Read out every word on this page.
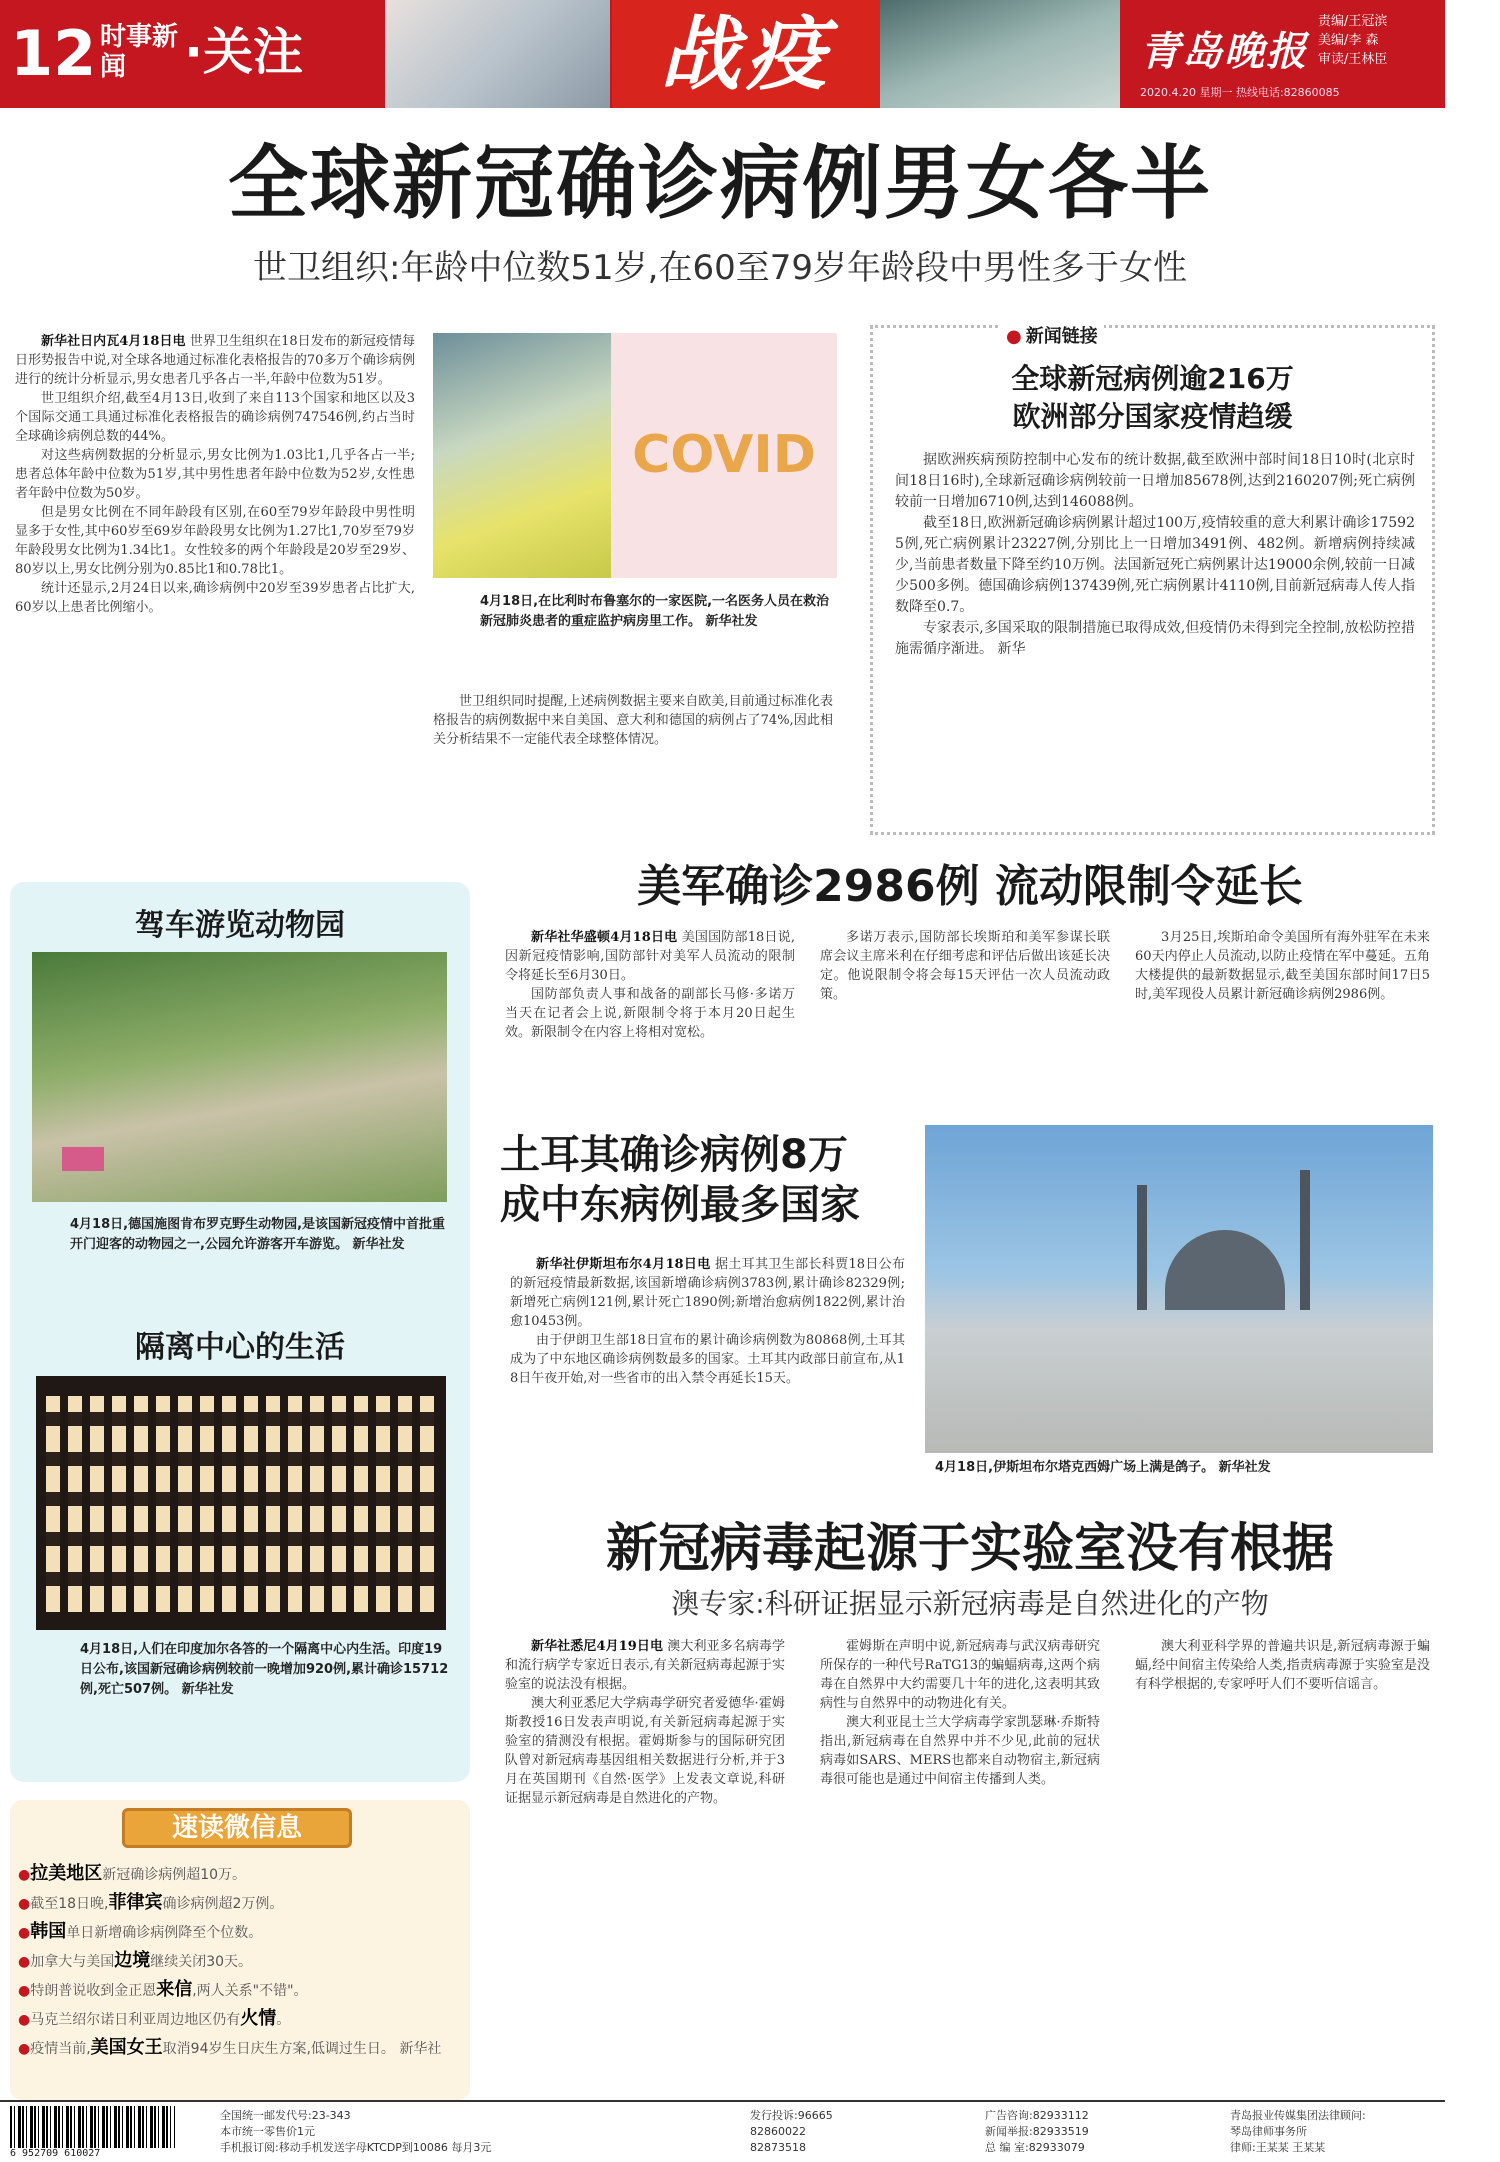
12 时事新闻	·关注	战疫	青岛晚报
责编/王冠滨
美编/李 森
审读/王林臣
2020.4.20 星期一 热线电话:82860085
全球新冠确诊病例男女各半
世卫组织:年龄中位数51岁,在60至79岁年龄段中男性多于女性

新华社日内瓦4月18日电 世界卫生组织在18日发布的新冠疫情每日形势报告中说,对全球各地通过标准化表格报告的70多万个确诊病例进行的统计分析显示,男女患者几乎各占一半,年龄中位数为51岁。

世卫组织介绍,截至4月13日,收到了来自113个国家和地区以及3个国际交通工具通过标准化表格报告的确诊病例747546例,约占当时全球确诊病例总数的44%。

对这些病例数据的分析显示,男女比例为1.03比1,几乎各占一半;患者总体年龄中位数为51岁,其中男性患者年龄中位数为52岁,女性患者年龄中位数为50岁。

但是男女比例在不同年龄段有区别,在60至79岁年龄段中男性明显多于女性,其中60岁至69岁年龄段男女比例为1.27比1,70岁至79岁年龄段男女比例为1.34比1。女性较多的两个年龄段是20岁至29岁、80岁以上,男女比例分别为0.85比1和0.78比1。

统计还显示,2月24日以来,确诊病例中20岁至39岁患者占比扩大,60岁以上患者比例缩小。

COVID
4月18日,在比利时布鲁塞尔的一家医院,一名医务人员在救治新冠肺炎患者的重症监护病房里工作。 新华社发

世卫组织同时提醒,上述病例数据主要来自欧美,目前通过标准化表格报告的病例数据中来自美国、意大利和德国的病例占了74%,因此相关分析结果不一定能代表全球整体情况。

● 新闻链接
全球新冠病例逾216万
欧洲部分国家疫情趋缓

据欧洲疾病预防控制中心发布的统计数据,截至欧洲中部时间18日10时(北京时间18日16时),全球新冠确诊病例较前一日增加85678例,达到2160207例;死亡病例较前一日增加6710例,达到146088例。

截至18日,欧洲新冠确诊病例累计超过100万,疫情较重的意大利累计确诊175925例,死亡病例累计23227例,分别比上一日增加3491例、482例。新增病例持续减少,当前患者数量下降至约10万例。法国新冠死亡病例累计达19000余例,较前一日减少500多例。德国确诊病例137439例,死亡病例累计4110例,目前新冠病毒人传人指数降至0.7。

专家表示,多国采取的限制措施已取得成效,但疫情仍未得到完全控制,放松防控措施需循序渐进。 新华

驾车游览动物园
4月18日,德国施图肯布罗克野生动物园,是该国新冠疫情中首批重开门迎客的动物园之一,公园允许游客开车游览。 新华社发
隔离中心的生活
4月18日,人们在印度加尔各答的一个隔离中心内生活。印度19日公布,该国新冠确诊病例较前一晚增加920例,累计确诊15712例,死亡507例。 新华社发
速读微信息
●拉美地区新冠确诊病例超10万。
●截至18日晚,菲律宾确诊病例超2万例。
●韩国单日新增确诊病例降至个位数。
●加拿大与美国边境继续关闭30天。
●特朗普说收到金正恩来信,两人关系"不错"。
●马克兰绍尔诺日利亚周边地区仍有火情。
●疫情当前,美国女王取消94岁生日庆生方案,低调过生日。 新华社
美军确诊2986例 流动限制令延长

新华社华盛顿4月18日电 美国国防部18日说,因新冠疫情影响,国防部针对美军人员流动的限制令将延长至6月30日。

国防部负责人事和战备的副部长马修·多诺万当天在记者会上说,新限制令将于本月20日起生效。新限制令在内容上将相对宽松。

多诺万表示,国防部长埃斯珀和美军参谋长联席会议主席米利在仔细考虑和评估后做出该延长决定。他说限制令将会每15天评估一次人员流动政策。

3月25日,埃斯珀命令美国所有海外驻军在未来60天内停止人员流动,以防止疫情在军中蔓延。五角大楼提供的最新数据显示,截至美国东部时间17日5时,美军现役人员累计新冠确诊病例2986例。

土耳其确诊病例8万
成中东病例最多国家

新华社伊斯坦布尔4月18日电 据土耳其卫生部长科贾18日公布的新冠疫情最新数据,该国新增确诊病例3783例,累计确诊82329例;新增死亡病例121例,累计死亡1890例;新增治愈病例1822例,累计治愈10453例。

由于伊朗卫生部18日宣布的累计确诊病例数为80868例,土耳其成为了中东地区确诊病例数最多的国家。土耳其内政部日前宣布,从18日午夜开始,对一些省市的出入禁令再延长15天。

4月18日,伊斯坦布尔塔克西姆广场上满是鸽子。 新华社发
新冠病毒起源于实验室没有根据
澳专家:科研证据显示新冠病毒是自然进化的产物

新华社悉尼4月19日电 澳大利亚多名病毒学和流行病学专家近日表示,有关新冠病毒起源于实验室的说法没有根据。

澳大利亚悉尼大学病毒学研究者爱德华·霍姆斯教授16日发表声明说,有关新冠病毒起源于实验室的猜测没有根据。霍姆斯参与的国际研究团队曾对新冠病毒基因组相关数据进行分析,并于3月在英国期刊《自然·医学》上发表文章说,科研证据显示新冠病毒是自然进化的产物。

霍姆斯在声明中说,新冠病毒与武汉病毒研究所保存的一种代号RaTG13的蝙蝠病毒,这两个病毒在自然界中大约需要几十年的进化,这表明其致病性与自然界中的动物进化有关。

澳大利亚昆士兰大学病毒学家凯瑟琳·乔斯特指出,新冠病毒在自然界中并不少见,此前的冠状病毒如SARS、MERS也都来自动物宿主,新冠病毒很可能也是通过中间宿主传播到人类。

澳大利亚科学界的普遍共识是,新冠病毒源于蝙蝠,经中间宿主传染给人类,指责病毒源于实验室是没有科学根据的,专家呼吁人们不要听信谣言。

6 952709 610027
全国统一邮发代号:23-343
本市统一零售价1元
手机报订阅:移动手机发送字母KTCDP到10086 每月3元
发行投诉:96665
82860022
82873518
广告咨询:82933112
新闻举报:82933519
总 编 室:82933079
青岛报业传媒集团法律顾问:
琴岛律师事务所
律师:王某某 王某某
